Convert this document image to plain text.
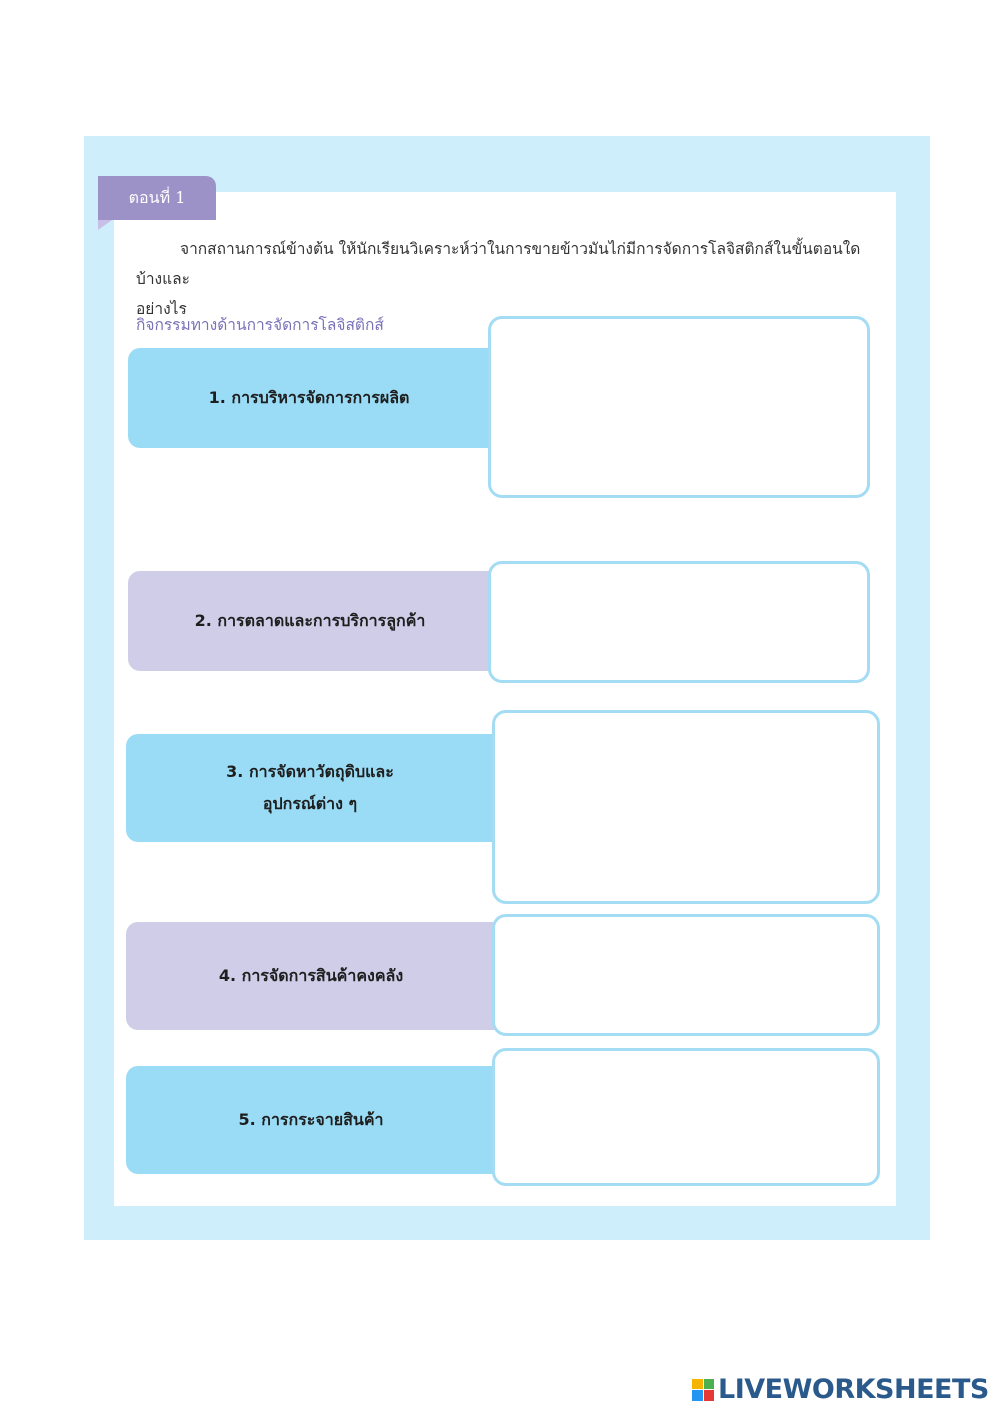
ตอนที่ 1
จากสถานการณ์ข้างต้น ให้นักเรียนวิเคราะห์ว่าในการขายข้าวมันไก่มีการจัดการโลจิสติกส์ในขั้นตอนใดบ้างและ
อย่างไร
กิจกรรมทางด้านการจัดการโลจิสติกส์
1. การบริหารจัดการการผลิต
2. การตลาดและการบริการลูกค้า
3. การจัดหาวัตถุดิบและ
อุปกรณ์ต่าง ๆ
4. การจัดการสินค้าคงคลัง
5. การกระจายสินค้า
LIVEWORKSHEETS
